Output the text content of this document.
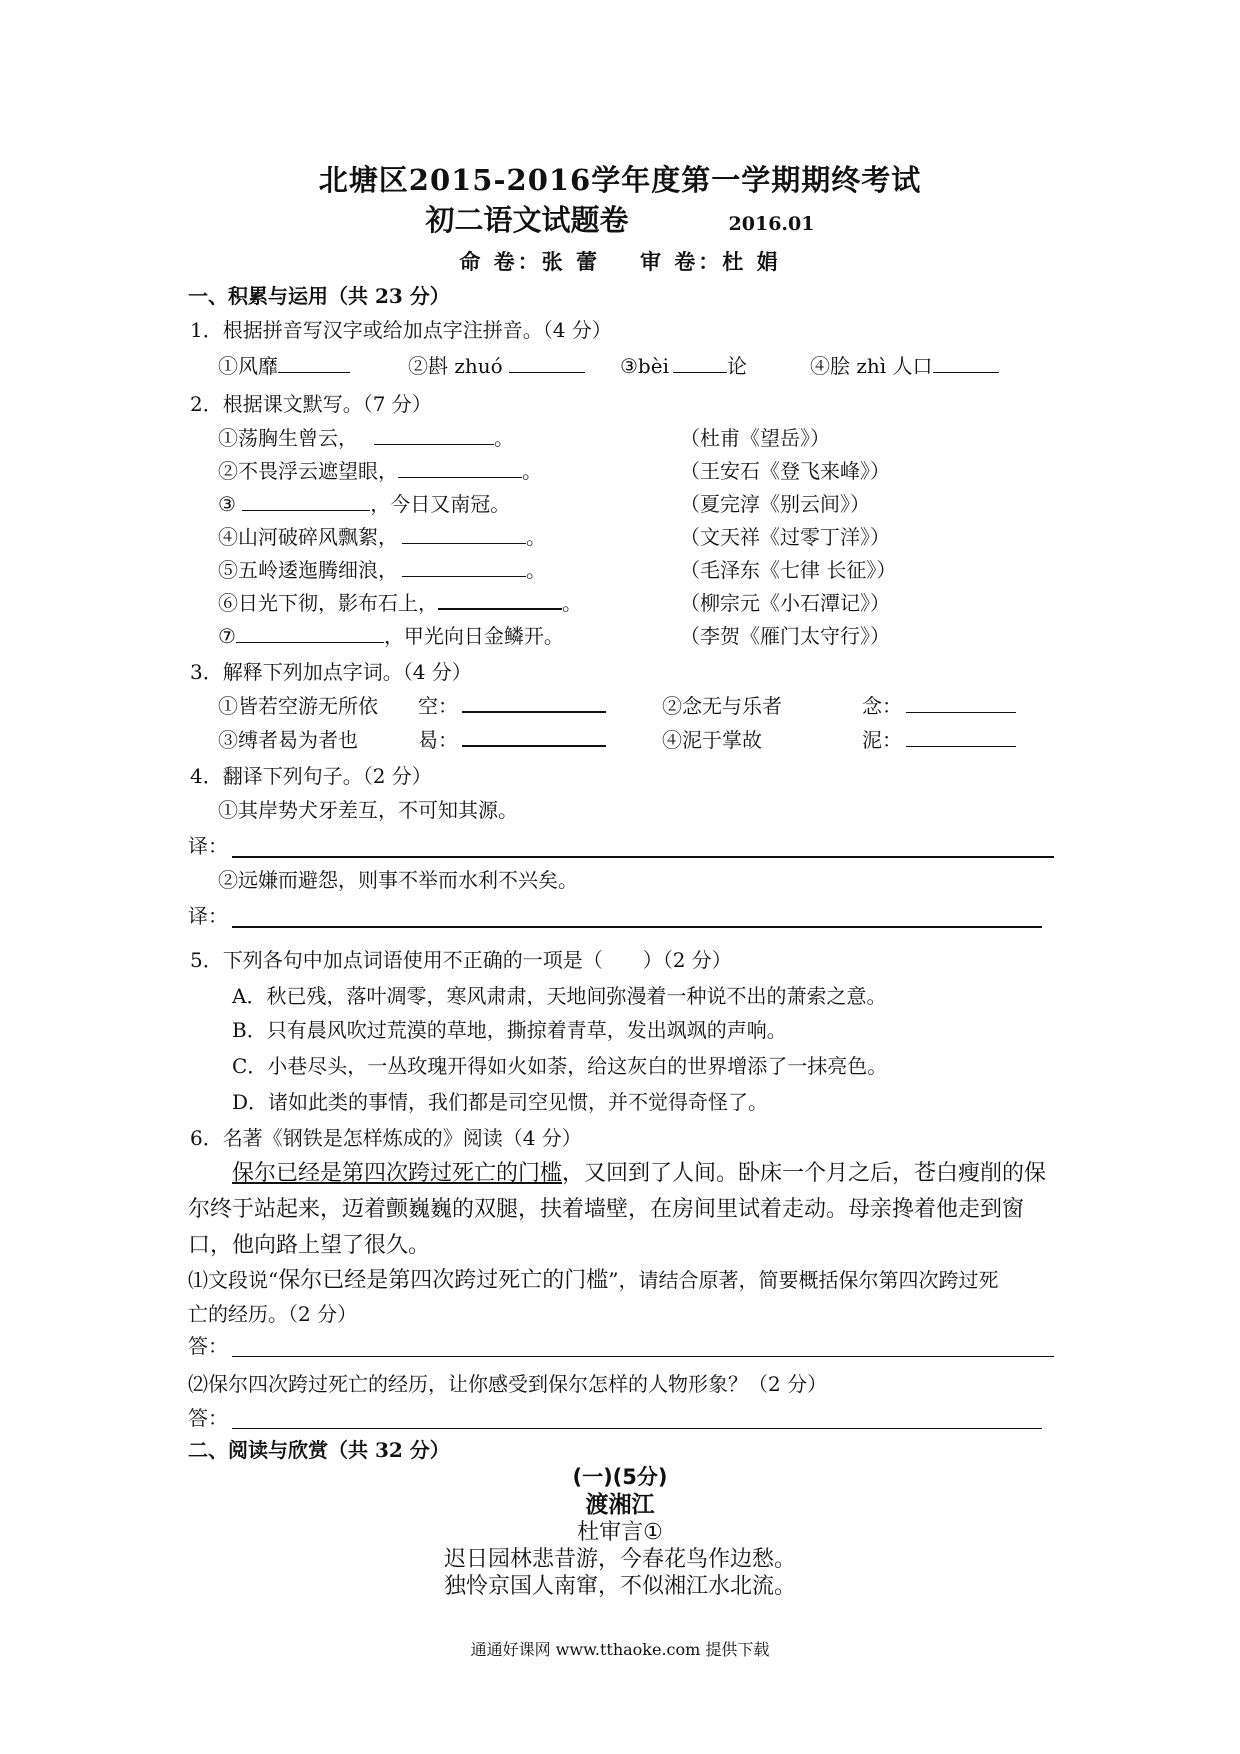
北塘区2015-2016学年度第一学期期终考试
初二语文试题卷	2016.01
命 卷：张 蕾 审 卷：杜 娟
一、积累与运用（共 23 分）
1．根据拼音写汉字或给加点字注拼音。（4 分）
①风靡	②斟 zhuó	③bèi	论	④脍 zhì 人口
2．根据课文默写。（7 分）
①荡胸生曾云，	。	（杜甫《望岳》）
②不畏浮云遮望眼，	。	（王安石《登飞来峰》）
③	，今日又南冠。	（夏完淳《别云间》）
④山河破碎风飘絮，	。	（文天祥《过零丁洋》）
⑤五岭逶迤腾细浪，	。	（毛泽东《七律 长征》）
⑥日光下彻，影布石上，	。	（柳宗元《小石潭记》）
⑦	，甲光向日金鳞开。	（李贺《雁门太守行》）
3．解释下列加点字词。（4 分）
①皆若空游无所依 空：	②念无与乐者	念：
③缚者曷为者也	曷：	④泥于掌故	泥：
4．翻译下列句子。（2 分）
①其岸势犬牙差互，不可知其源。
译：
②远嫌而避怨，则事不举而水利不兴矣。
译：
5．下列各句中加点词语使用不正确的一项是（　　）（2 分）
A．秋已残，落叶凋零，寒风肃肃，天地间弥漫着一种说不出的萧索之意。
B．只有晨风吹过荒漠的草地，撕掠着青草，发出飒飒的声响。
C．小巷尽头，一丛玫瑰开得如火如荼，给这灰白的世界增添了一抹亮色。
D．诸如此类的事情，我们都是司空见惯，并不觉得奇怪了。
6．名著《钢铁是怎样炼成的》阅读（4 分）
保尔已经是第四次跨过死亡的门槛，又回到了人间。卧床一个月之后，苍白瘦削的保尔终于站起来，迈着颤巍巍的双腿，扶着墙壁，在房间里试着走动。母亲搀着他走到窗口，他向路上望了很久。
⑴文段说“保尔已经是第四次跨过死亡的门槛”，请结合原著，简要概括保尔第四次跨过死
亡的经历。（2 分）
答：
⑵保尔四次跨过死亡的经历，让你感受到保尔怎样的人物形象？（2 分）
答：
二、阅读与欣赏（共 32 分）
(一)(5分)
渡湘江
杜审言①
迟日园林悲昔游，今春花鸟作边愁。
独怜京国人南窜，不似湘江水北流。
通通好课网 www.tthaoke.com 提供下载
